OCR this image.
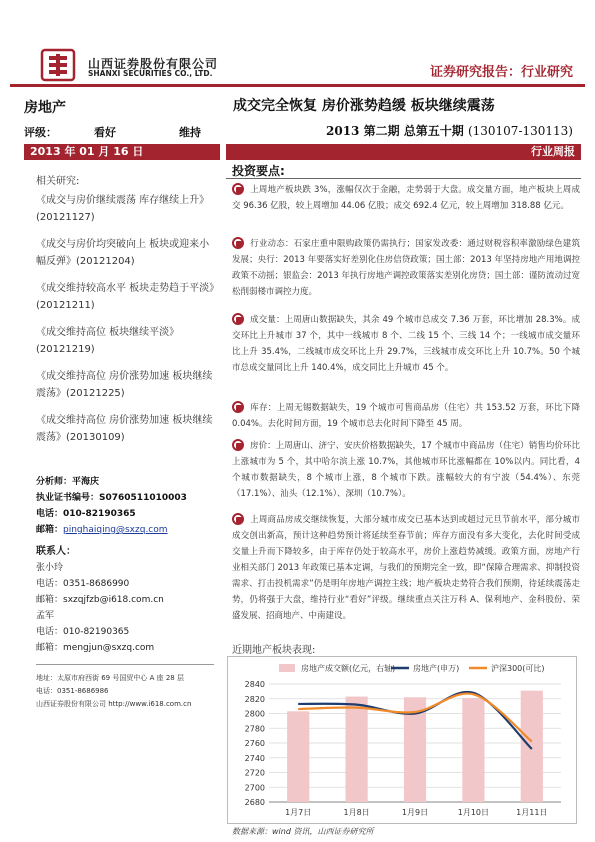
山西证券股份有限公司
SHANXI SECURITIES CO., LTD.	证券研究报告：行业研究
房地产
评级：	看好	维持
2013 年 01 月 16 日
相关研究:
《成交与房价继续震荡 库存继续上升》(20121127)
《成交与房价均突破向上 板块或迎来小幅反弹》(20121204)
《成交维持较高水平 板块走势趋于平淡》(20121211)
《成交维持高位 板块继续平淡》(20121219)
《成交维持高位 房价涨势加速 板块继续震荡》(20121225)
《成交维持高位 房价涨势加速 板块继续震荡》(20130109)
分析师：平海庆
执业证书编号：S0760511010003
电话：010-82190365
邮箱：pinghaiqing@sxzq.com
联系人：
张小玲
电话：0351-8686990
邮箱：sxzqjfzb@i618.com.cn
孟军
电话：010-82190365
邮箱：mengjun@sxzq.com
地址：太原市府西街 69 号国贸中心 A 座 28 层
电话：0351-8686986
山西证券股份有限公司 http://www.i618.com.cn
成交完全恢复 房价涨势趋缓 板块继续震荡
2013 第二期 总第五十期 (130107-130113)
行业周报
投资要点:
上周地产板块跌 3%，涨幅仅次于金融，走势弱于大盘。成交量方面，地产板块上周成交 96.36 亿股，较上周增加 44.06 亿股；成交 692.4 亿元，较上周增加 318.88 亿元。
行业动态：石家庄重申限购政策仍需执行；国家发改委：通过财税容积率激励绿色建筑发展；央行：2013 年要落实好差别化住房信贷政策；国土部：2013 年坚持房地产用地调控政策不动摇；银监会：2013 年执行房地产调控政策落实差别化房贷；国土部：谨防流动过宽松削弱楼市调控力度。
成交量：上周唐山数据缺失，其余 49 个城市总成交 7.36 万套，环比增加 28.3%。成交环比上升城市 37 个，其中一线城市 8 个、二线 15 个、三线 14 个；一线城市成交量环比上升 35.4%，二线城市成交环比上升 29.7%，三线城市成交环比上升 10.7%。50 个城市总成交量同比上升 140.4%，成交同比上升城市 45 个。
库存：上周无锡数据缺失，19 个城市可售商品房（住宅）共 153.52 万套，环比下降 0.04%。去化时间方面，19 个城市总去化时间下降至 45 周。
房价：上周唐山、济宁、安庆价格数据缺失，17 个城市中商品房（住宅）销售均价环比上涨城市为 5 个，其中哈尔滨上涨 10.7%，其他城市环比涨幅都在 10%以内。同比看，4 个城市数据缺失，8 个城市上涨，8 个城市下跌。涨幅较大的有宁波（54.4%）、东莞（17.1%）、汕头（12.1%）、深圳（10.7%）。
上周商品房成交继续恢复，大部分城市成交已基本达到或超过元旦节前水平，部分城市成交创出新高，预计这种趋势预计将延续至春节前；库存方面没有多大变化，去化时间受成交量上升而下降较多，由于库存仍处于较高水平，房价上涨趋势减缓。政策方面，房地产行业相关部门 2013 年政策已基本定调，与我们的预期完全一致，即“保障合理需求、抑制投资需求、打击投机需求”仍是明年房地产调控主线；地产板块走势符合我们预期，待延续震荡走势，仍将强于大盘，维持行业“看好”评级。继续重点关注万科 A、保利地产、金科股份、荣盛发展、招商地产、中南建设。
近期地产板块表现:
2680
2700
2720
2740
2760
2780
2800
2820
2840
1月7日	1月8日	1月9日	1月10日	1月11日
房地产成交额(亿元，右轴) 房地产(申万)	沪深300(可比)
数据来源：wind 资讯，山西证券研究所
